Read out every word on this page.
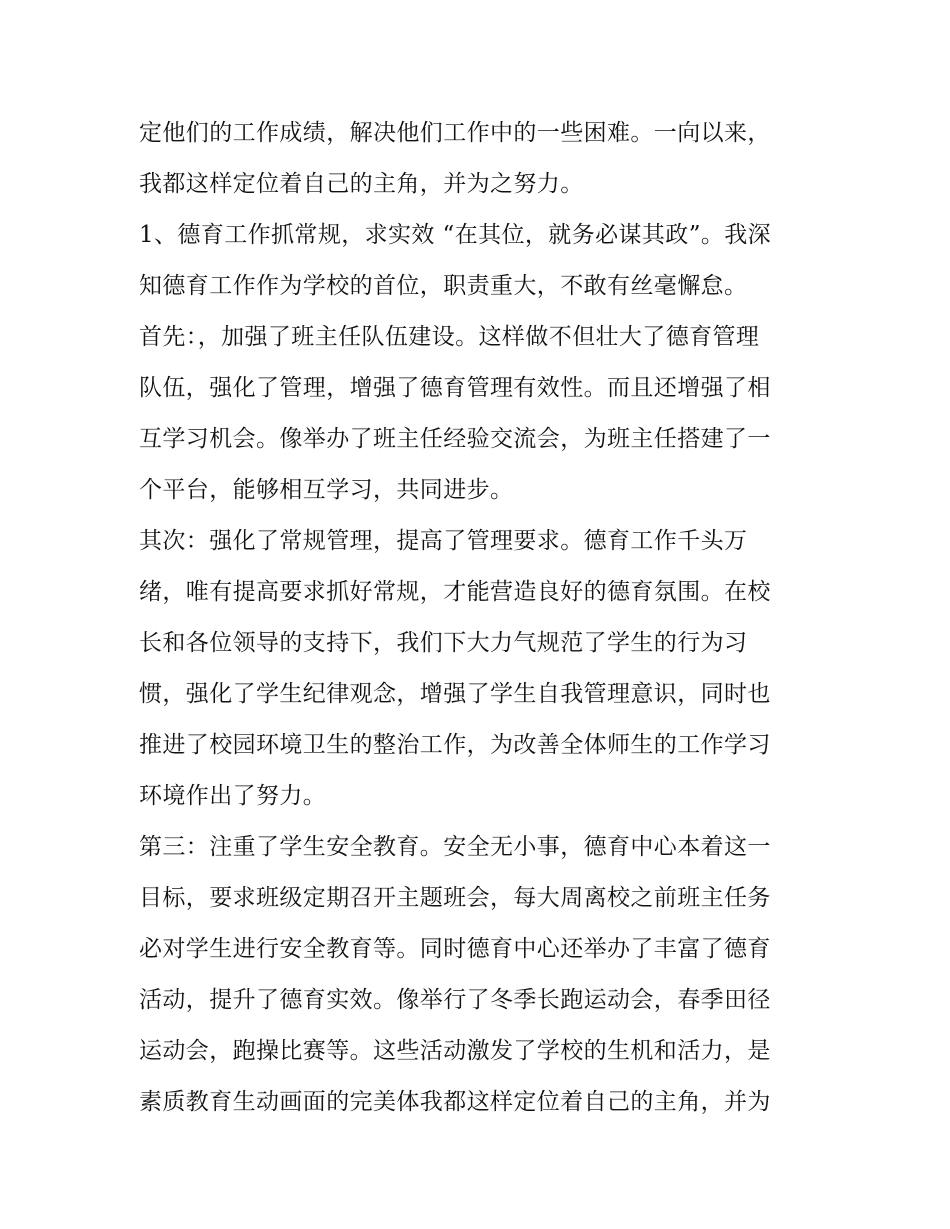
定他们的工作成绩，解决他们工作中的一些困难。一向以来，
我都这样定位着自己的主角，并为之努力。
1、德育工作抓常规，求实效 “在其位，就务必谋其政”。我深
知德育工作作为学校的首位，职责重大，不敢有丝毫懈怠。
首先：，加强了班主任队伍建设。这样做不但壮大了德育管理
队伍，强化了管理，增强了德育管理有效性。而且还增强了相
互学习机会。像举办了班主任经验交流会，为班主任搭建了一
个平台，能够相互学习，共同进步。
其次：强化了常规管理，提高了管理要求。德育工作千头万
绪，唯有提高要求抓好常规，才能营造良好的德育氛围。在校
长和各位领导的支持下，我们下大力气规范了学生的行为习
惯，强化了学生纪律观念，增强了学生自我管理意识，同时也
推进了校园环境卫生的整治工作，为改善全体师生的工作学习
环境作出了努力。
第三：注重了学生安全教育。安全无小事，德育中心本着这一
目标，要求班级定期召开主题班会，每大周离校之前班主任务
必对学生进行安全教育等。同时德育中心还举办了丰富了德育
活动，提升了德育实效。像举行了冬季长跑运动会，春季田径
运动会，跑操比赛等。这些活动激发了学校的生机和活力，是
素质教育生动画面的完美体我都这样定位着自己的主角，并为
